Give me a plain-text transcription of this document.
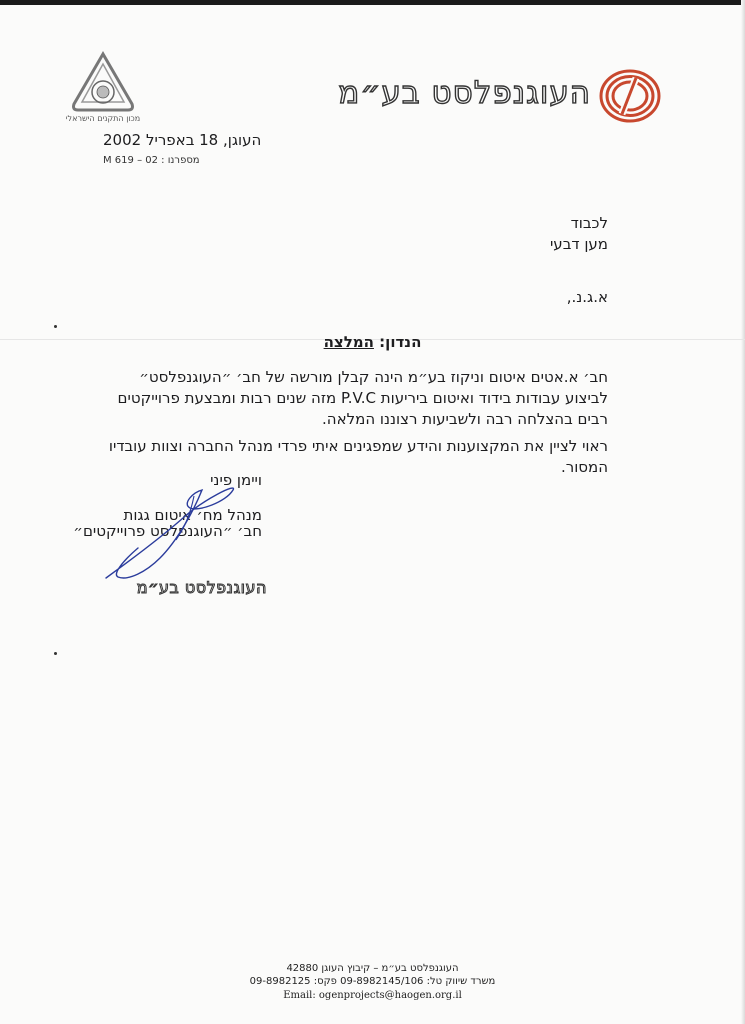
מכון התקנים הישראלי
העוגנפלסט בע״מ
העוגן, 18 באפריל 2002
M 619 – 02 : מספרנו
לכבוד
מען דבעי
א.ג.נ.,
הנדון: המלצה
חב׳ א.אטים איטום וניקוז בע״מ הינה קבלן מורשה של חב׳ ״העוגנפלסט״ לביצוע עבודות בידוד ואיטום ביריעות P.V.C מזה שנים רבות ומבצעת פרוייקטים רבים בהצלחה רבה ולשביעות רצוננו המלאה.
ראוי לציין את המקצוענות והידע שמפגינים איתי פרדי מנהל החברה וצוות עובדיו המסור.
ויימן פיני
מנהל מח׳ איטום גגות
חב׳ ״העוגנפלסט פרוייקטים״
העוגנפלסט בע״מ
העוגנפלסט בע״מ – קיבוץ העוגן 42880
משרד שיווק טל: 09-8982145/106 פקס: 09-8982125
Email: ogenprojects@haogen.org.il
